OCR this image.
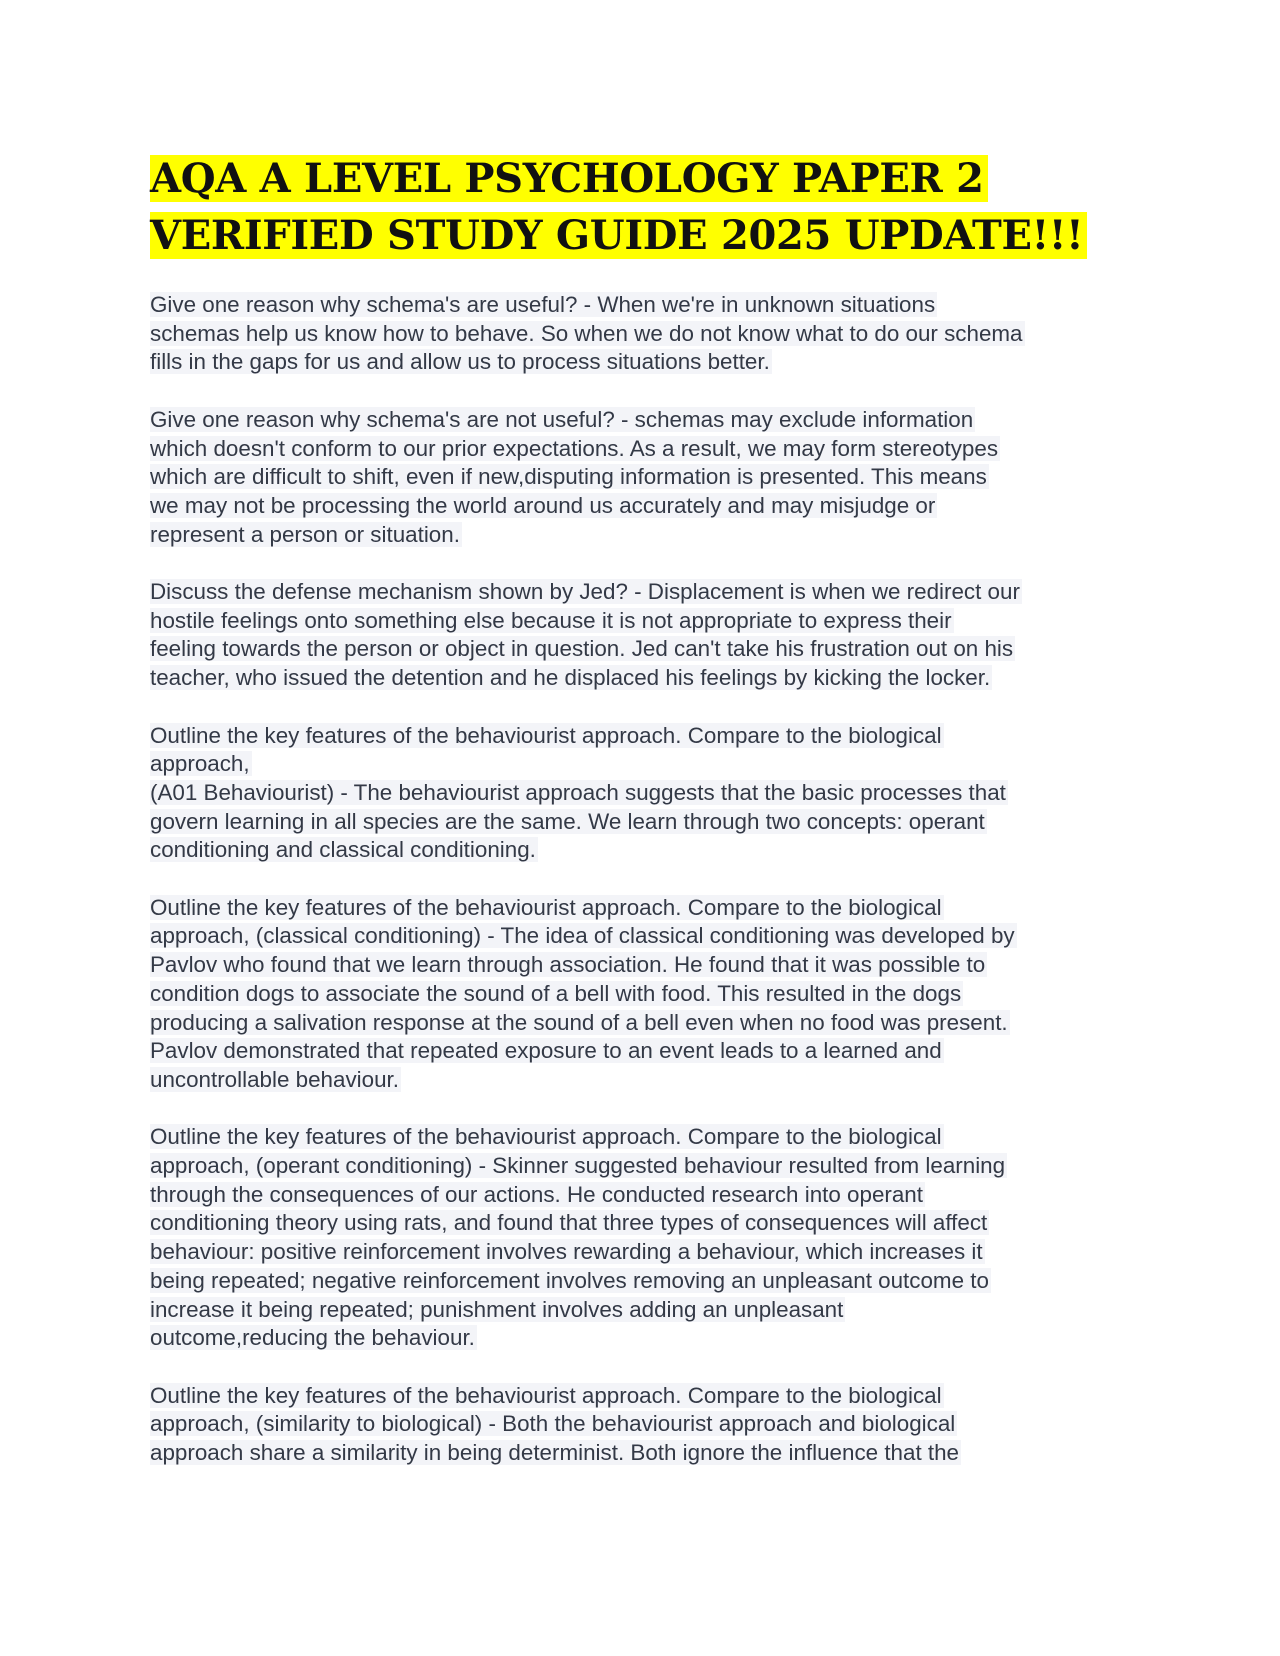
AQA A LEVEL PSYCHOLOGY PAPER 2
VERIFIED STUDY GUIDE 2025 UPDATE!!!

Give one reason why schema's are useful? - When we're in unknown situations
schemas help us know how to behave. So when we do not know what to do our schema
fills in the gaps for us and allow us to process situations better.

Give one reason why schema's are not useful? - schemas may exclude information
which doesn't conform to our prior expectations. As a result, we may form stereotypes
which are difficult to shift, even if new,disputing information is presented. This means
we may not be processing the world around us accurately and may misjudge or
represent a person or situation.

Discuss the defense mechanism shown by Jed? - Displacement is when we redirect our
hostile feelings onto something else because it is not appropriate to express their
feeling towards the person or object in question. Jed can't take his frustration out on his
teacher, who issued the detention and he displaced his feelings by kicking the locker.

Outline the key features of the behaviourist approach. Compare to the biological
approach,
(A01 Behaviourist) - The behaviourist approach suggests that the basic processes that
govern learning in all species are the same. We learn through two concepts: operant
conditioning and classical conditioning.

Outline the key features of the behaviourist approach. Compare to the biological
approach, (classical conditioning) - The idea of classical conditioning was developed by
Pavlov who found that we learn through association. He found that it was possible to
condition dogs to associate the sound of a bell with food. This resulted in the dogs
producing a salivation response at the sound of a bell even when no food was present.
Pavlov demonstrated that repeated exposure to an event leads to a learned and
uncontrollable behaviour.

Outline the key features of the behaviourist approach. Compare to the biological
approach, (operant conditioning) - Skinner suggested behaviour resulted from learning
through the consequences of our actions. He conducted research into operant
conditioning theory using rats, and found that three types of consequences will affect
behaviour: positive reinforcement involves rewarding a behaviour, which increases it
being repeated; negative reinforcement involves removing an unpleasant outcome to
increase it being repeated; punishment involves adding an unpleasant
outcome,reducing the behaviour.

Outline the key features of the behaviourist approach. Compare to the biological
approach, (similarity to biological) - Both the behaviourist approach and biological
approach share a similarity in being determinist. Both ignore the influence that the
